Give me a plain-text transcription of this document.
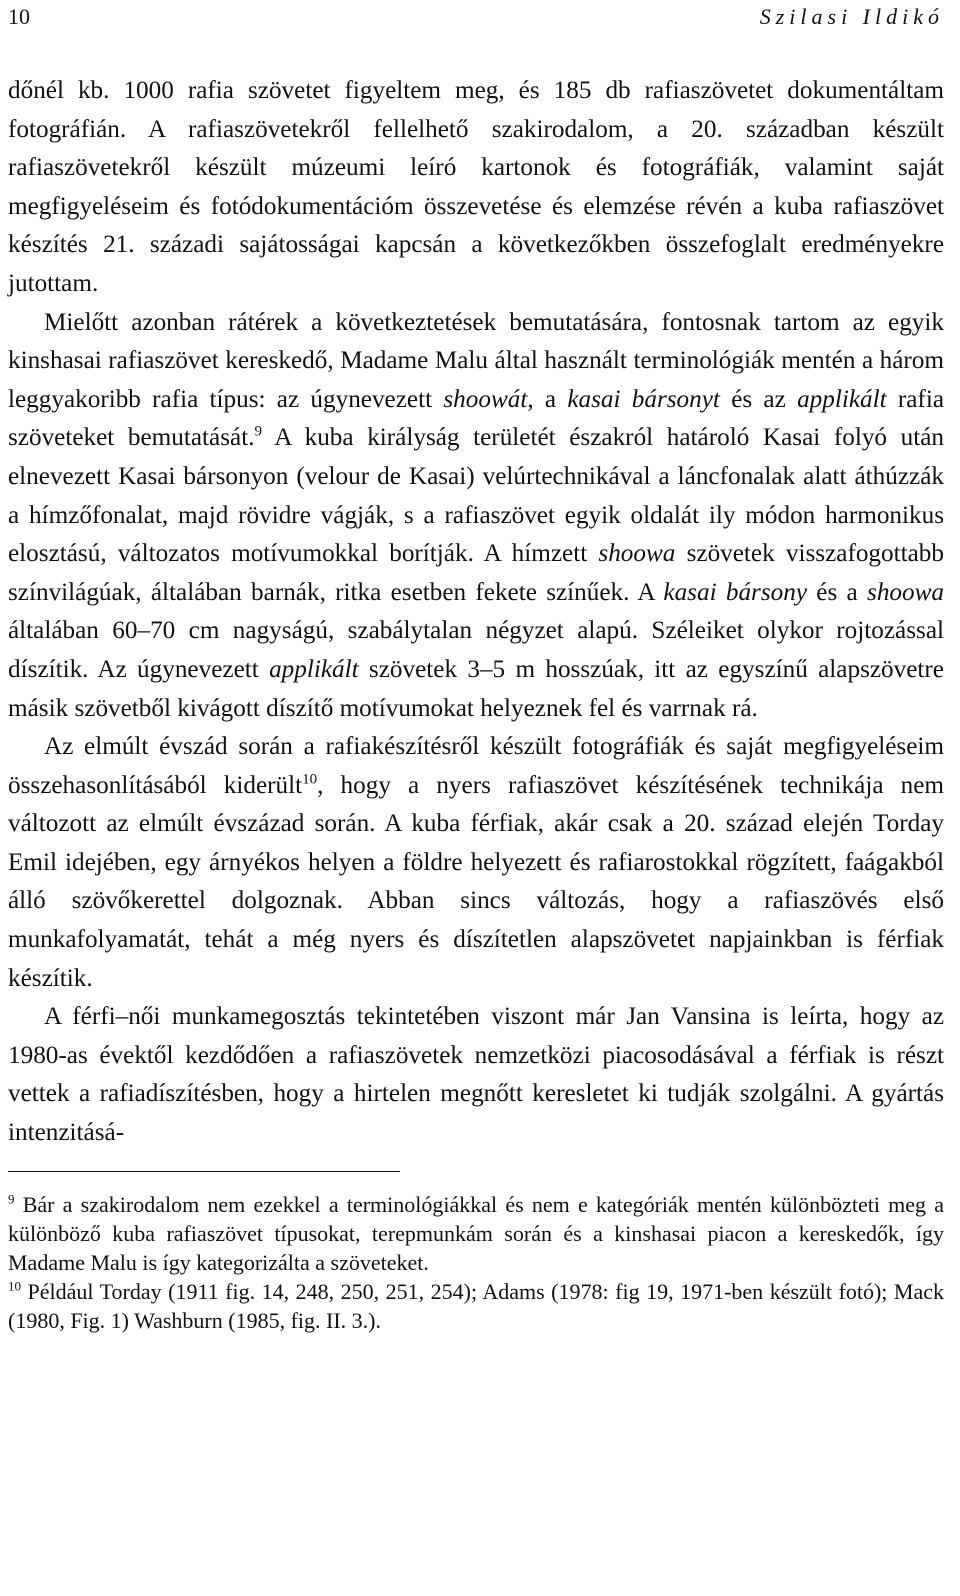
10	Szilasi Ildikó

dőnél kb. 1000 rafia szövetet figyeltem meg, és 185 db rafiaszövetet dokumentáltam fotográfián. A rafiaszövetekről fellelhető szakirodalom, a 20. században készült rafiaszövetekről készült múzeumi leíró kartonok és fotográfiák, valamint saját megfigyeléseim és fotódokumentációm összevetése és elemzése révén a kuba rafiaszövet készítés 21. századi sajátosságai kapcsán a következőkben összefoglalt eredményekre jutottam.

Mielőtt azonban rátérek a következtetések bemutatására, fontosnak tartom az egyik kinshasai rafiaszövet kereskedő, Madame Malu által használt terminológiák mentén a három leggyakoribb rafia típus: az úgynevezett shoowát, a kasai bársonyt és az applikált rafia szöveteket bemutatását.$^9$ A kuba királyság területét északról határoló Kasai folyó után elnevezett Kasai bársonyon (velour de Kasai) velúrtechnikával a láncfonalak alatt áthúzzák a hímzőfonalat, majd rövidre vágják, s a rafiaszövet egyik oldalát ily módon harmonikus elosztású, változatos motívumokkal borítják. A hímzett shoowa szövetek visszafogottabb színvilágúak, általában barnák, ritka esetben fekete színűek. A kasai bársony és a shoowa általában 60–70 cm nagyságú, szabálytalan négyzet alapú. Széleiket olykor rojtozással díszítik. Az úgynevezett applikált szövetek 3–5 m hosszúak, itt az egyszínű alapszövetre másik szövetből kivágott díszítő motívumokat helyeznek fel és varrnak rá.

Az elmúlt évszád során a rafiakészítésről készült fotográfiák és saját megfigyeléseim összehasonlításából kiderült$^{10}$, hogy a nyers rafiaszövet készítésének technikája nem változott az elmúlt évszázad során. A kuba férfiak, akár csak a 20. század elején Torday Emil idejében, egy árnyékos helyen a földre helyezett és rafiarostokkal rögzített, faágakból álló szövőkerettel dolgoznak. Abban sincs változás, hogy a rafiaszövés első munkafolyamatát, tehát a még nyers és díszítetlen alapszövetet napjainkban is férfiak készítik.

A férfi–női munkamegosztás tekintetében viszont már Jan Vansina is leírta, hogy az 1980-as évektől kezdődően a rafiaszövetek nemzetközi piacosodásával a férfiak is részt vettek a rafiadíszítésben, hogy a hirtelen megnőtt keresletet ki tudják szolgálni. A gyártás intenzitásá-

$^9$ Bár a szakirodalom nem ezekkel a terminológiákkal és nem e kategóriák mentén különbözteti meg a különböző kuba rafiaszövet típusokat, terepmunkám során és a kinshasai piacon a kereskedők, így Madame Malu is így kategorizálta a szöveteket.

$^{10}$ Például Torday (1911 fig. 14, 248, 250, 251, 254); Adams (1978: fig 19, 1971-ben készült fotó); Mack (1980, Fig. 1) Washburn (1985, fig. II. 3.).
